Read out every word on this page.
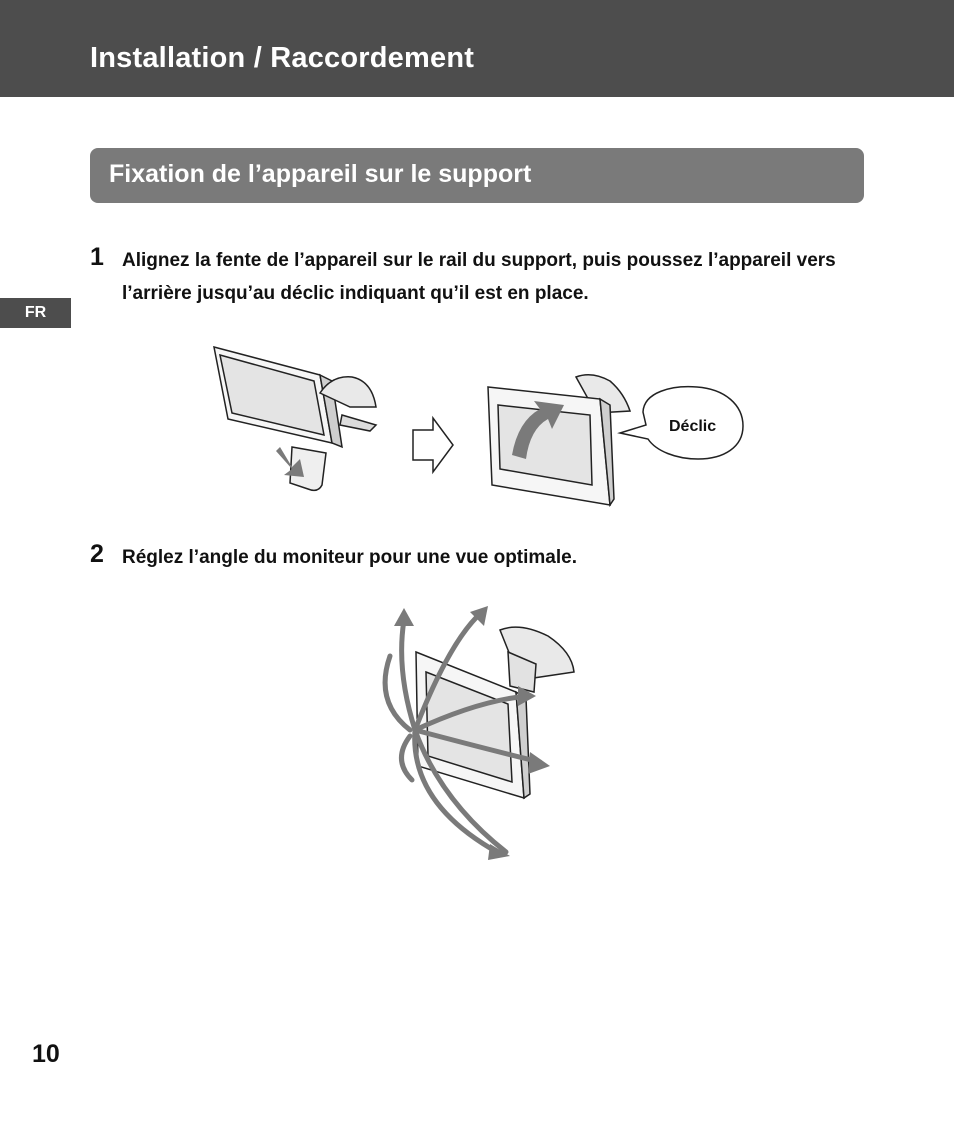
Installation / Raccordement
Fixation de l’appareil sur le support
FR
1 Alignez la fente de l’appareil sur le rail du support, puis poussez l’appareil vers l’arrière jusqu’au déclic indiquant qu’il est en place.
Déclic
2 Réglez l’angle du moniteur pour une vue optimale.
10
